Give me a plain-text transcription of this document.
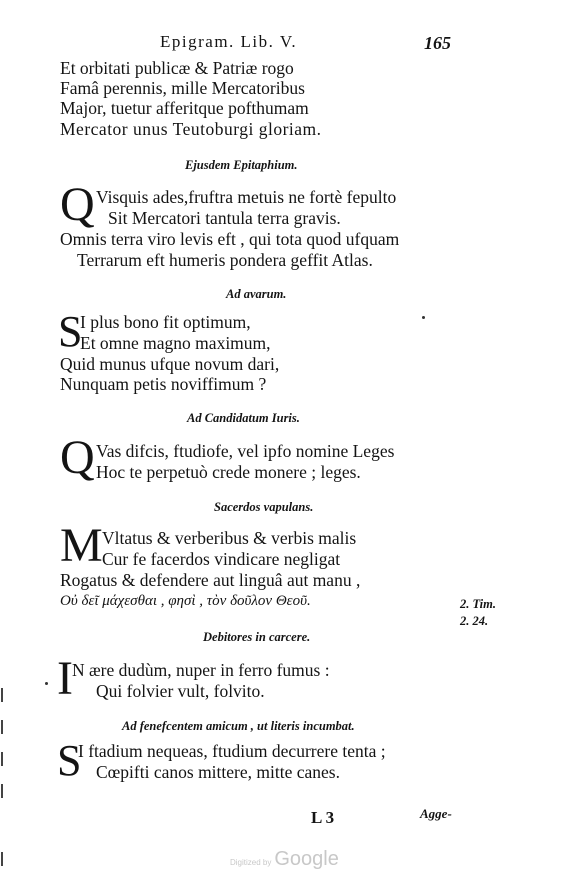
Epigram. Lib. V.	165
Et orbitati publicæ & Patriæ rogo
Famâ perennis, mille Mercatoribus
Major, tuetur afferitque pofthumam
Mercator unus Teutoburgi gloriam.
Ejusdem Epitaphium.
Q Visquis ades,fruftra metuis ne fortè fepulto
Sit Mercatori tantula terra gravis.
Omnis terra viro levis eft , qui tota quod ufquam
Terrarum eft humeris pondera geffit Atlas.
Ad avarum.
S
I plus bono fit optimum,
Et omne magno maximum,
Quid munus ufque novum dari,
Nunquam petis noviffimum ?
Ad Candidatum Iuris.
Q Vas difcis, ftudiofe, vel ipfo nomine Leges
Hoc te perpetuò crede monere ; leges.
Sacerdos vapulans.
M Vltatus & verberibus & verbis malis
Cur fe facerdos vindicare negligat
Rogatus & defendere aut linguâ aut manu ,
Οὐ δεῖ μάχεσθαι , φησὶ , τὸν δοῦλον Θεοῦ.	2. Tim.
2. 24.
Debitores in carcere.
I N ære dudùm, nuper in ferro fumus :
Qui folvier vult, folvito.
Ad fenefcentem amicum , ut literis incumbat.
S
I ftadium nequeas, ftudium decurrere tenta ;
Cœpifti canos mittere, mitte canes.
L 3	Agge-
Digitized by Google
